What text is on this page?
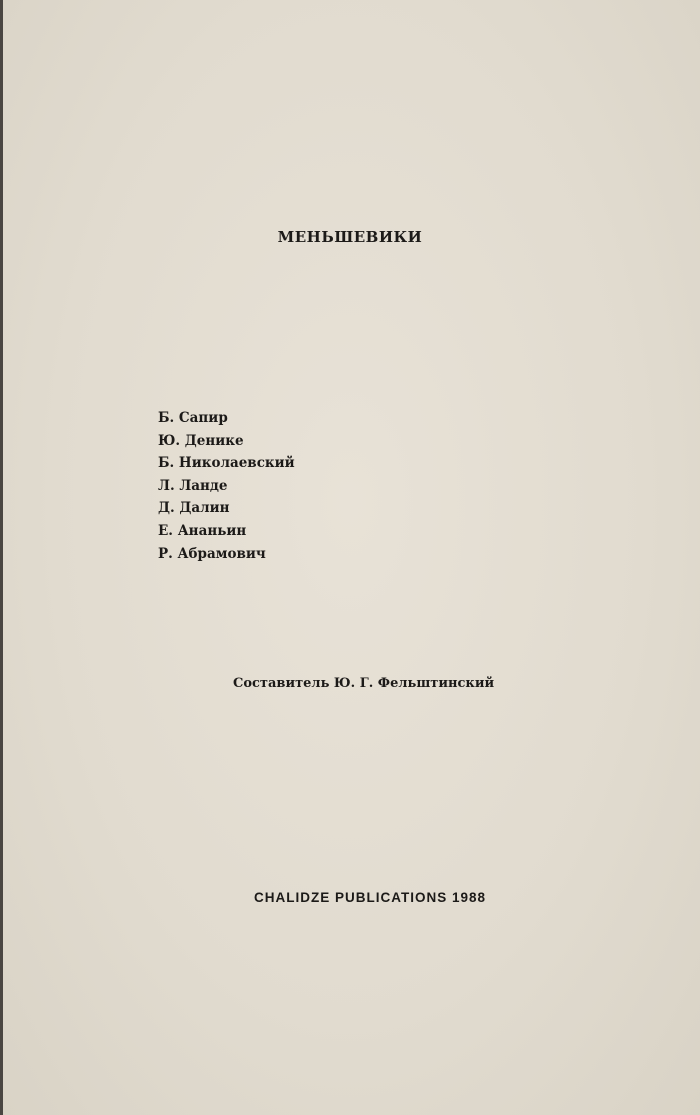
МЕНЬШЕВИКИ
Б. Сапир
Ю. Денике
Б. Николаевский
Л. Ланде
Д. Далин
Е. Ананьин
Р. Абрамович
Составитель Ю. Г. Фельштинский
CHALIDZE PUBLICATIONS 1988
